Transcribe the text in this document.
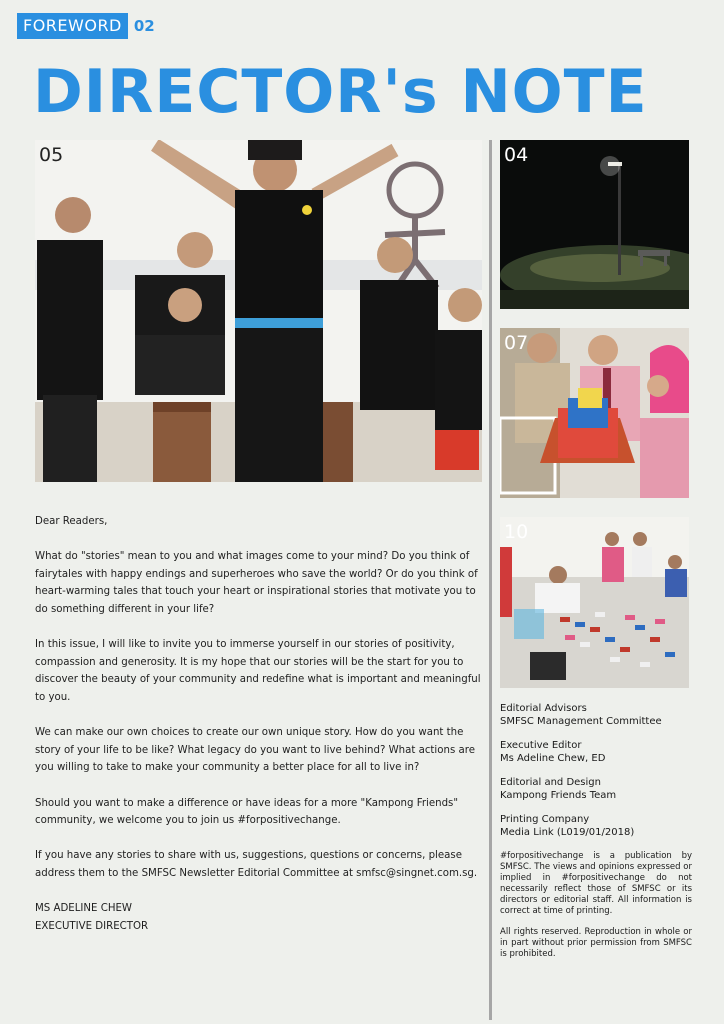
FOREWORD 02
DIRECTOR's NOTE
05	04
07
10

Dear Readers,

What do "stories" mean to you and what images come to your mind? Do you think of fairytales with happy endings and superheroes who save the world? Or do you think of heart-warming tales that touch your heart or inspirational stories that motivate you to do something different in your life?

In this issue, I will like to invite you to immerse yourself in our stories of positivity, compassion and generosity. It is my hope that our stories will be the start for you to discover the beauty of your community and redefine what is important and meaningful to you.

We can make our own choices to create our own unique story. How do you want the story of your life to be like? What legacy do you want to live behind? What actions are you willing to take to make your community a better place for all to live in?

Should you want to make a difference or have ideas for a more "Kampong Friends" community, we welcome you to join us #forpositivechange.

If you have any stories to share with us, suggestions, questions or concerns, please address them to the SMFSC Newsletter Editorial Committee at smfsc@singnet.com.sg.

MS ADELINE CHEW

EXECUTIVE DIRECTOR

Editorial Advisors
SMFSC Management Committee
Executive Editor
Ms Adeline Chew, ED
Editorial and Design
Kampong Friends Team
Printing Company
Media Link (L019/01/2018)
#forpositivechange is a publication by SMFSC. The views and opinions expressed or implied in #forpositivechange do not necessarily reflect those of SMFSC or its directors or editorial staff. All information is correct at time of printing.
All rights reserved. Reproduction in whole or in part without prior permission from SMFSC is prohibited.
